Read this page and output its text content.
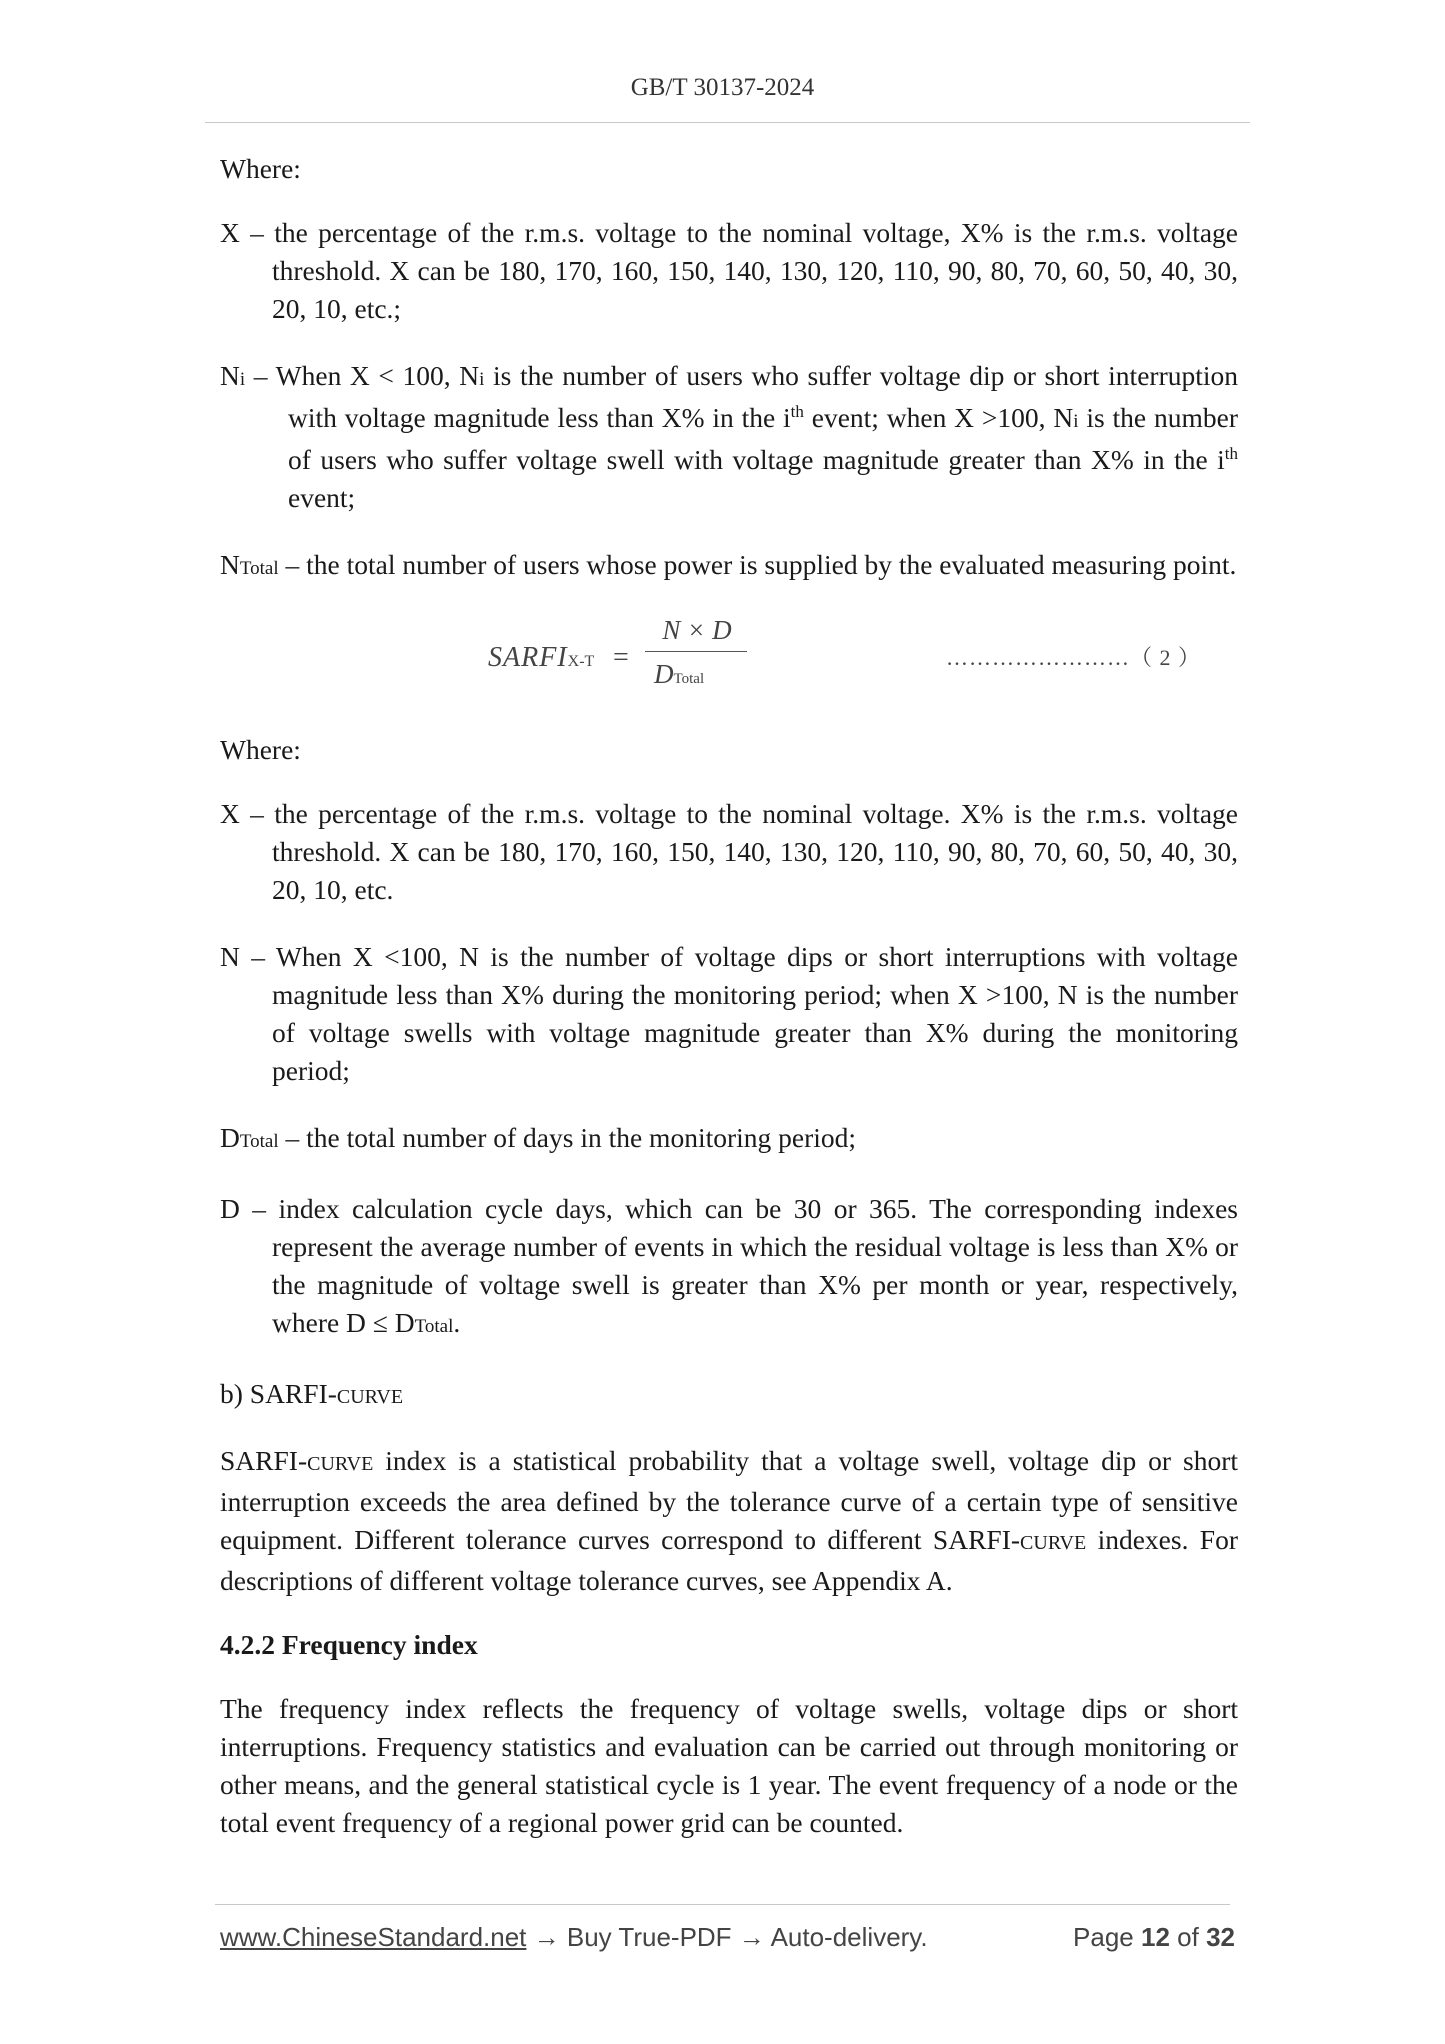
GB/T 30137-2024

Where:

X – the percentage of the r.m.s. voltage to the nominal voltage, X% is the r.m.s. voltage threshold. X can be 180, 170, 160, 150, 140, 130, 120, 110, 90, 80, 70, 60, 50, 40, 30, 20, 10, etc.;

Ni – When X < 100, Ni is the number of users who suffer voltage dip or short interruption with voltage magnitude less than X% in the $i^{th}$ event; when X >100, Ni is the number of users who suffer voltage swell with voltage magnitude greater than X% in the $i^{th}$ event;

NTotal – the total number of users whose power is supplied by the evaluated measuring point.

SARFIX-T =
N × D
DTotal
……………………（ 2 ）

Where:

X – the percentage of the r.m.s. voltage to the nominal voltage. X% is the r.m.s. voltage threshold. X can be 180, 170, 160, 150, 140, 130, 120, 110, 90, 80, 70, 60, 50, 40, 30, 20, 10, etc.

N – When X <100, N is the number of voltage dips or short interruptions with voltage magnitude less than X% during the monitoring period; when X >100, N is the number of voltage swells with voltage magnitude greater than X% during the monitoring period;

DTotal – the total number of days in the monitoring period;

D – index calculation cycle days, which can be 30 or 365. The corresponding indexes represent the average number of events in which the residual voltage is less than X% or the magnitude of voltage swell is greater than X% per month or year, respectively, where D ≤ DTotal.

b) SARFI-CURVE

SARFI-CURVE index is a statistical probability that a voltage swell, voltage dip or short interruption exceeds the area defined by the tolerance curve of a certain type of sensitive equipment. Different tolerance curves correspond to different SARFI-CURVE indexes. For descriptions of different voltage tolerance curves, see Appendix A.

4.2.2 Frequency index

The frequency index reflects the frequency of voltage swells, voltage dips or short interruptions. Frequency statistics and evaluation can be carried out through monitoring or other means, and the general statistical cycle is 1 year. The event frequency of a node or the total event frequency of a regional power grid can be counted.

www.ChineseStandard.net → Buy True-PDF → Auto-delivery.	Page 12 of 32
